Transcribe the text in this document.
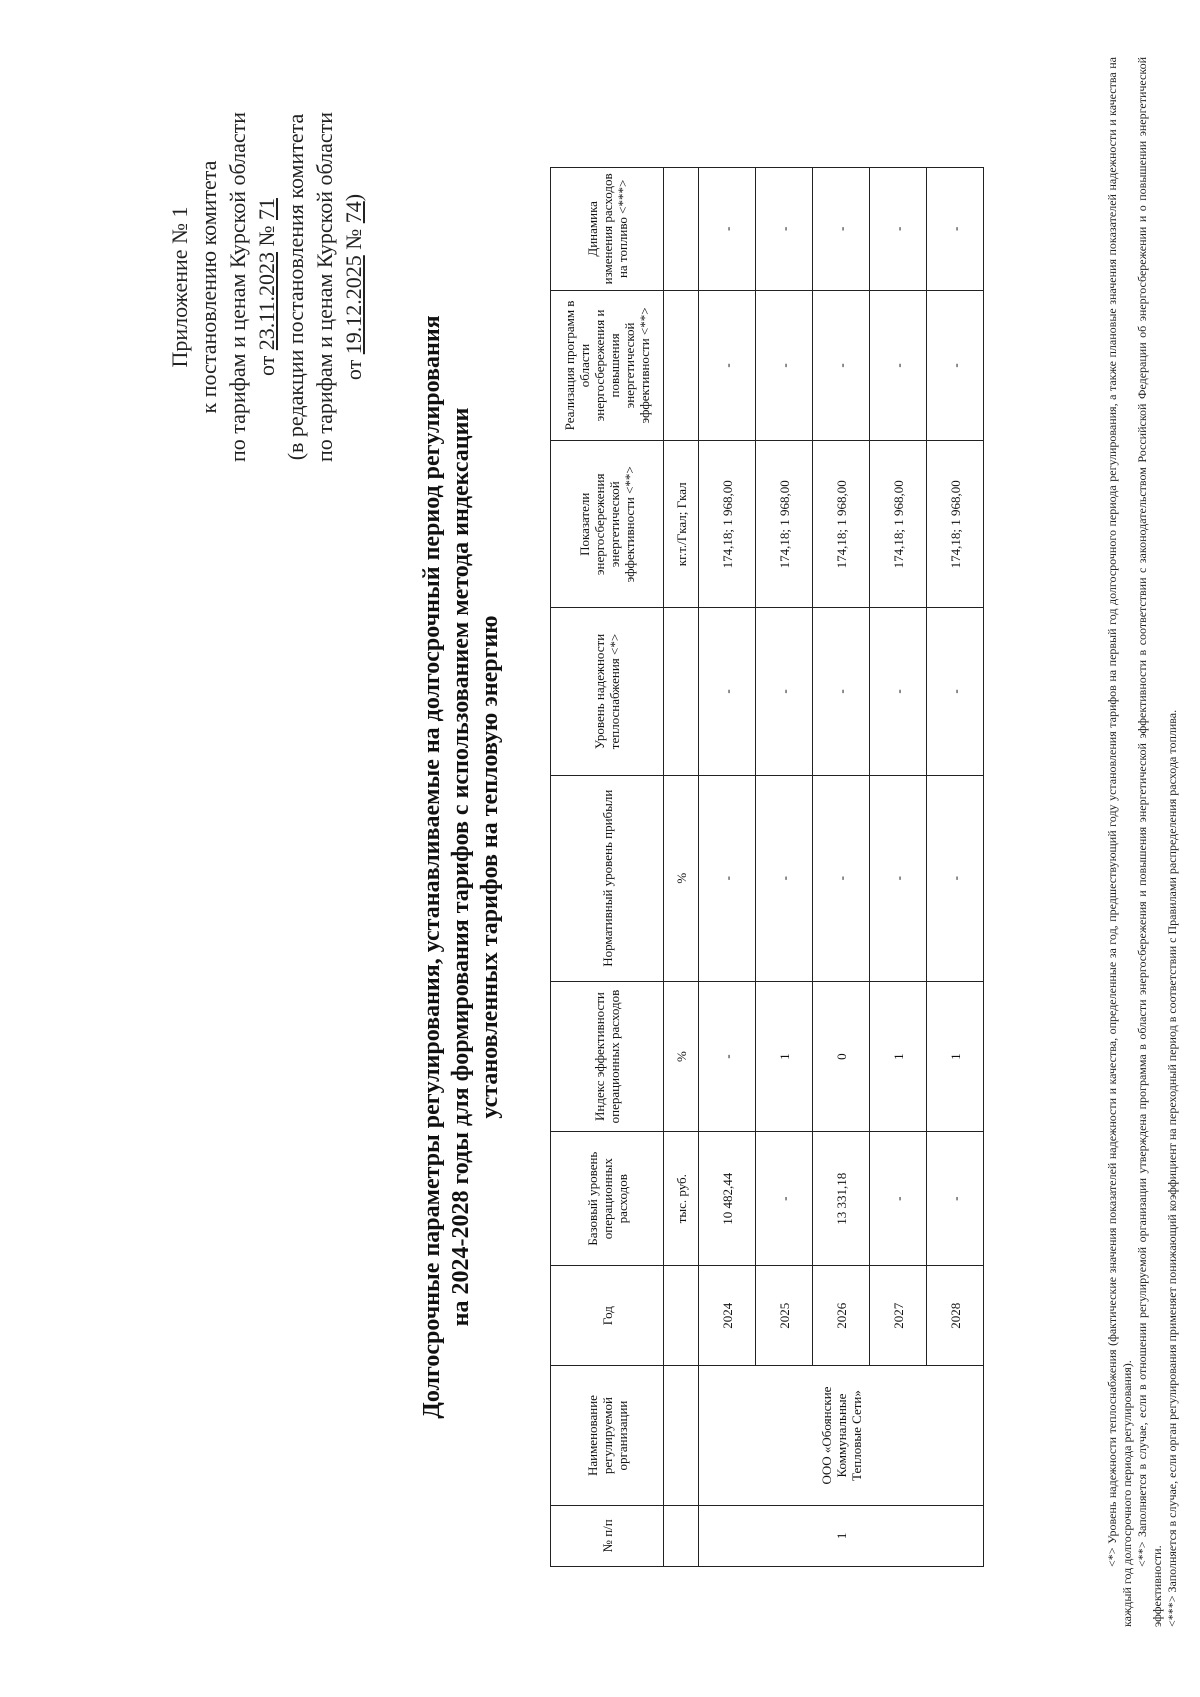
Приложение № 1 к постановлению комитета по тарифам и ценам Курской области от 23.11.2023 № 71 (в редакции постановления комитета по тарифам и ценам Курской области от 19.12.2025 № 74)
Долгосрочные параметры регулирования, устанавливаемые на долгосрочный период регулирования на 2024-2028 годы для формирования тарифов с использованием метода индексации установленных тарифов на тепловую энергию
№ п/п	Наименование регулируемой организации	Год	Базовый уровень операционных расходов	Индекс эффективности операционных расходов	Нормативный уровень прибыли	Уровень надежности теплоснабжения <*>	Показатели энергосбережения энергетической эффективности <**>	Реализация программ в области энергосбережения и повышения энергетической эффективности <**>	Динамика изменения расходов на топливо <***>
			тыс. руб.	%	%		кг.т./Гкал; Гкал		
1	ООО «Обоянские Коммунальные Тепловые Сети»	2024	10 482,44	-	-	-	174,18; 1 968,00	-	-
		2025	-	1	-	-	174,18; 1 968,00	-	-
		2026	13 331,18	0	-	-	174,18; 1 968,00	-	-
		2027	-	1	-	-	174,18; 1 968,00	-	-
		2028	-	1	-	-	174,18; 1 968,00	-	-	<*> Уровень надежности теплоснабжения (фактические значения показателей надежности и качества, определенные за год, предшествующий году установления тарифов на первый год долгосрочного периода регулирования, а также плановые значения показателей надежности и качества на каждый год долгосрочного периода регулирования). <**> Заполняется в случае, если в отношении регулируемой организации утверждена программа в области энергосбережения и повышения энергетической эффективности в соответствии с законодательством Российской Федерации об энергосбережении и о повышении энергетической эффективности. <***> Заполняется в случае, если орган регулирования применяет понижающий коэффициент на переходный период в соответствии с Правилами распределения расхода топлива.
